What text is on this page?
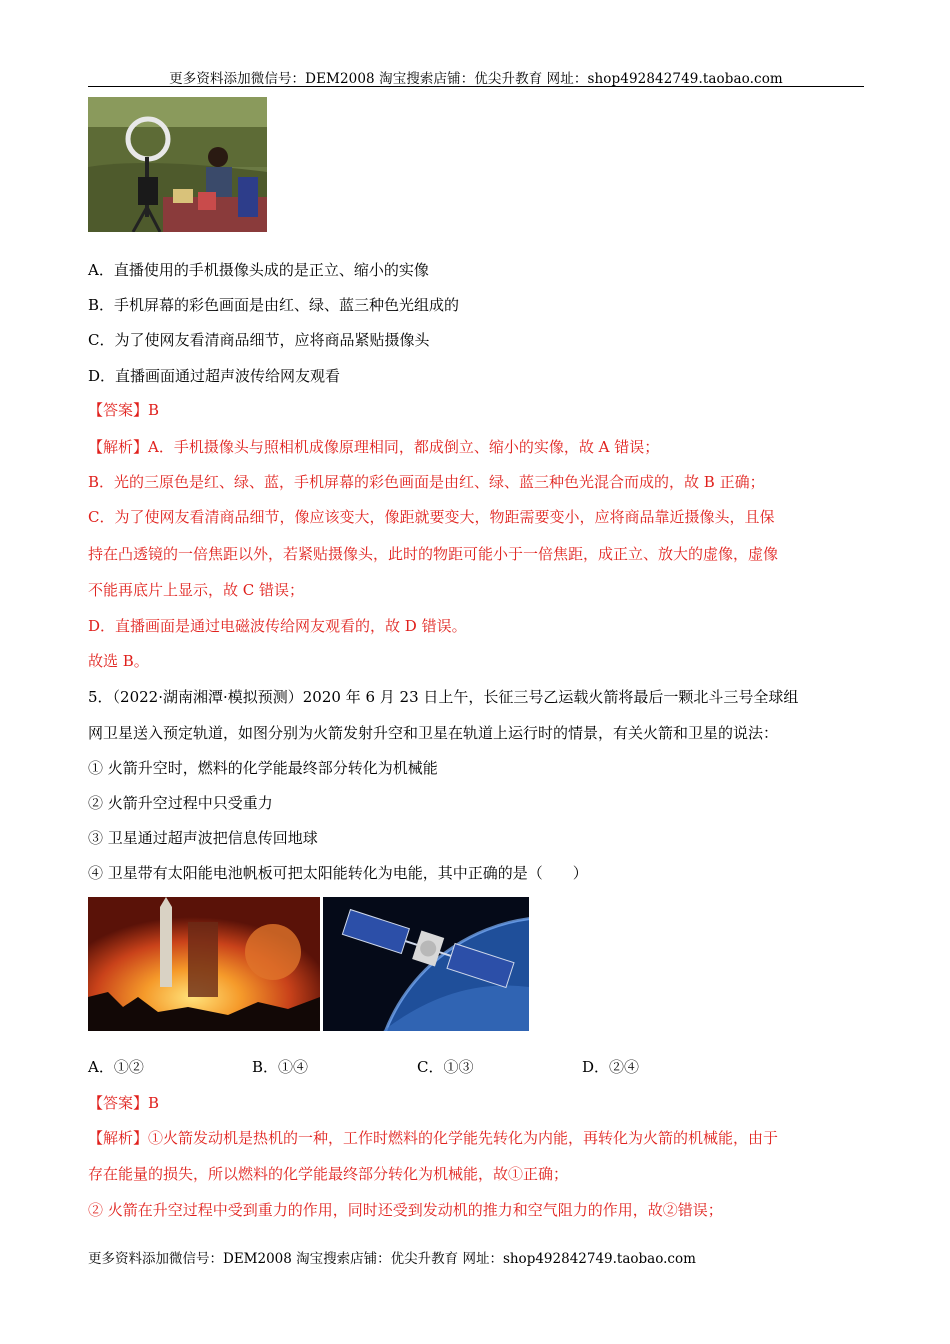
更多资料添加微信号：DEM2008 淘宝搜索店铺：优尖升教育 网址：shop492842749.taobao.com
A．直播使用的手机摄像头成的是正立、缩小的实像
B．手机屏幕的彩色画面是由红、绿、蓝三种色光组成的
C．为了使网友看清商品细节，应将商品紧贴摄像头
D．直播画面通过超声波传给网友观看
【答案】B
【解析】A．手机摄像头与照相机成像原理相同，都成倒立、缩小的实像，故 A 错误；
B．光的三原色是红、绿、蓝，手机屏幕的彩色画面是由红、绿、蓝三种色光混合而成的，故 B 正确；
C．为了使网友看清商品细节，像应该变大，像距就要变大，物距需要变小，应将商品靠近摄像头，且保
持在凸透镜的一倍焦距以外，若紧贴摄像头，此时的物距可能小于一倍焦距，成正立、放大的虚像，虚像
不能再底片上显示，故 C 错误；
D．直播画面是通过电磁波传给网友观看的，故 D 错误。
故选 B。
5．（2022·湖南湘潭·模拟预测）2020 年 6 月 23 日上午，长征三号乙运载火箭将最后一颗北斗三号全球组
网卫星送入预定轨道，如图分别为火箭发射升空和卫星在轨道上运行时的情景，有关火箭和卫星的说法：
① 火箭升空时，燃料的化学能最终部分转化为机械能
② 火箭升空过程中只受重力
③ 卫星通过超声波把信息传回地球
④ 卫星带有太阳能电池帆板可把太阳能转化为电能，其中正确的是（　　）
A．①②	B．①④	C．①③	D．②④
【答案】B
【解析】①火箭发动机是热机的一种，工作时燃料的化学能先转化为内能，再转化为火箭的机械能，由于
存在能量的损失，所以燃料的化学能最终部分转化为机械能，故①正确；
② 火箭在升空过程中受到重力的作用，同时还受到发动机的推力和空气阻力的作用，故②错误；
更多资料添加微信号：DEM2008 淘宝搜索店铺：优尖升教育 网址：shop492842749.taobao.com
